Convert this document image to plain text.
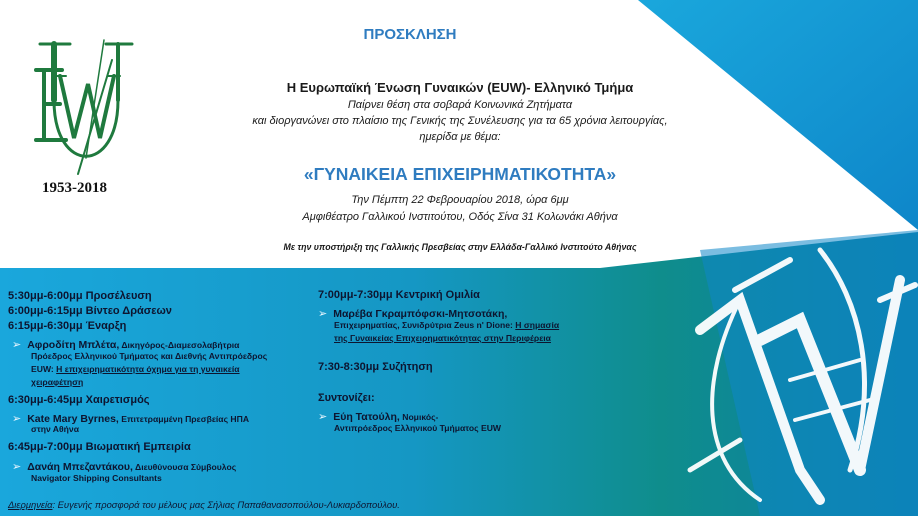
1953-2018
ΠΡΟΣΚΛΗΣΗ
Η Ευρωπαϊκή Ένωση Γυναικών (EUW)- Ελληνικό Τμήμα
Παίρνει θέση στα σοβαρά Κοινωνικά Ζητήματα
και διοργανώνει στο πλαίσιο της Γενικής της Συνέλευσης για τα 65 χρόνια λειτουργίας,
ημερίδα με θέμα:
«ΓΥΝΑΙΚΕΙΑ ΕΠΙΧΕΙΡΗΜΑΤΙΚΟΤΗΤΑ»
Την Πέμπτη 22 Φεβρουαρίου 2018, ώρα 6μμ
Αμφιθέατρο Γαλλικού Ινστιτούτου, Οδός Σίνα 31 Κολωνάκι Αθήνα
Με την υποστήριξη της Γαλλικής Πρεσβείας στην Ελλάδα-Γαλλικό Ινστιτούτο Αθήνας
5:30μμ-6:00μμ Προσέλευση
6:00μμ-6:15μμ Βίντεο Δράσεων
6:15μμ-6:30μμ Έναρξη
➢ Αφροδίτη Μπλέτα, Δικηγόρος-Διαμεσολαβήτρια
Πρόεδρος Ελληνικού Τμήματος και Διεθνής Αντιπρόεδρος
EUW: Η επιχειρηματικότητα όχημα για τη γυναικεία
χειραφέτηση
6:30μμ-6:45μμ Χαιρετισμός
➢ Kate Mary Byrnes, Επιτετραμμένη Πρεσβείας ΗΠΑ
στην Αθήνα
6:45μμ-7:00μμ Βιωματική Εμπειρία
➢ Δανάη Μπεζαντάκου, Διευθύνουσα Σύμβουλος
Navigator Shipping Consultants
7:00μμ-7:30μμ Κεντρική Ομιλία
➢ Μαρέβα Γκραμπόφσκι-Μητσοτάκη,
Επιχειρηματίας, Συνιδρύτρια Zeus n' Dione: Η σημασία
της Γυναικείας Επιχειρηματικότητας στην Περιφέρεια
7:30-8:30μμ Συζήτηση
Συντονίζει:
➢ Εύη Τατούλη, Νομικός-
Αντιπρόεδρος Ελληνικού Τμήματος EUW
Διερμηνεία: Ευγενής προσφορά του μέλους μας Σήλιας Παπαθανασοπούλου-Λυκιαρδοπούλου.
